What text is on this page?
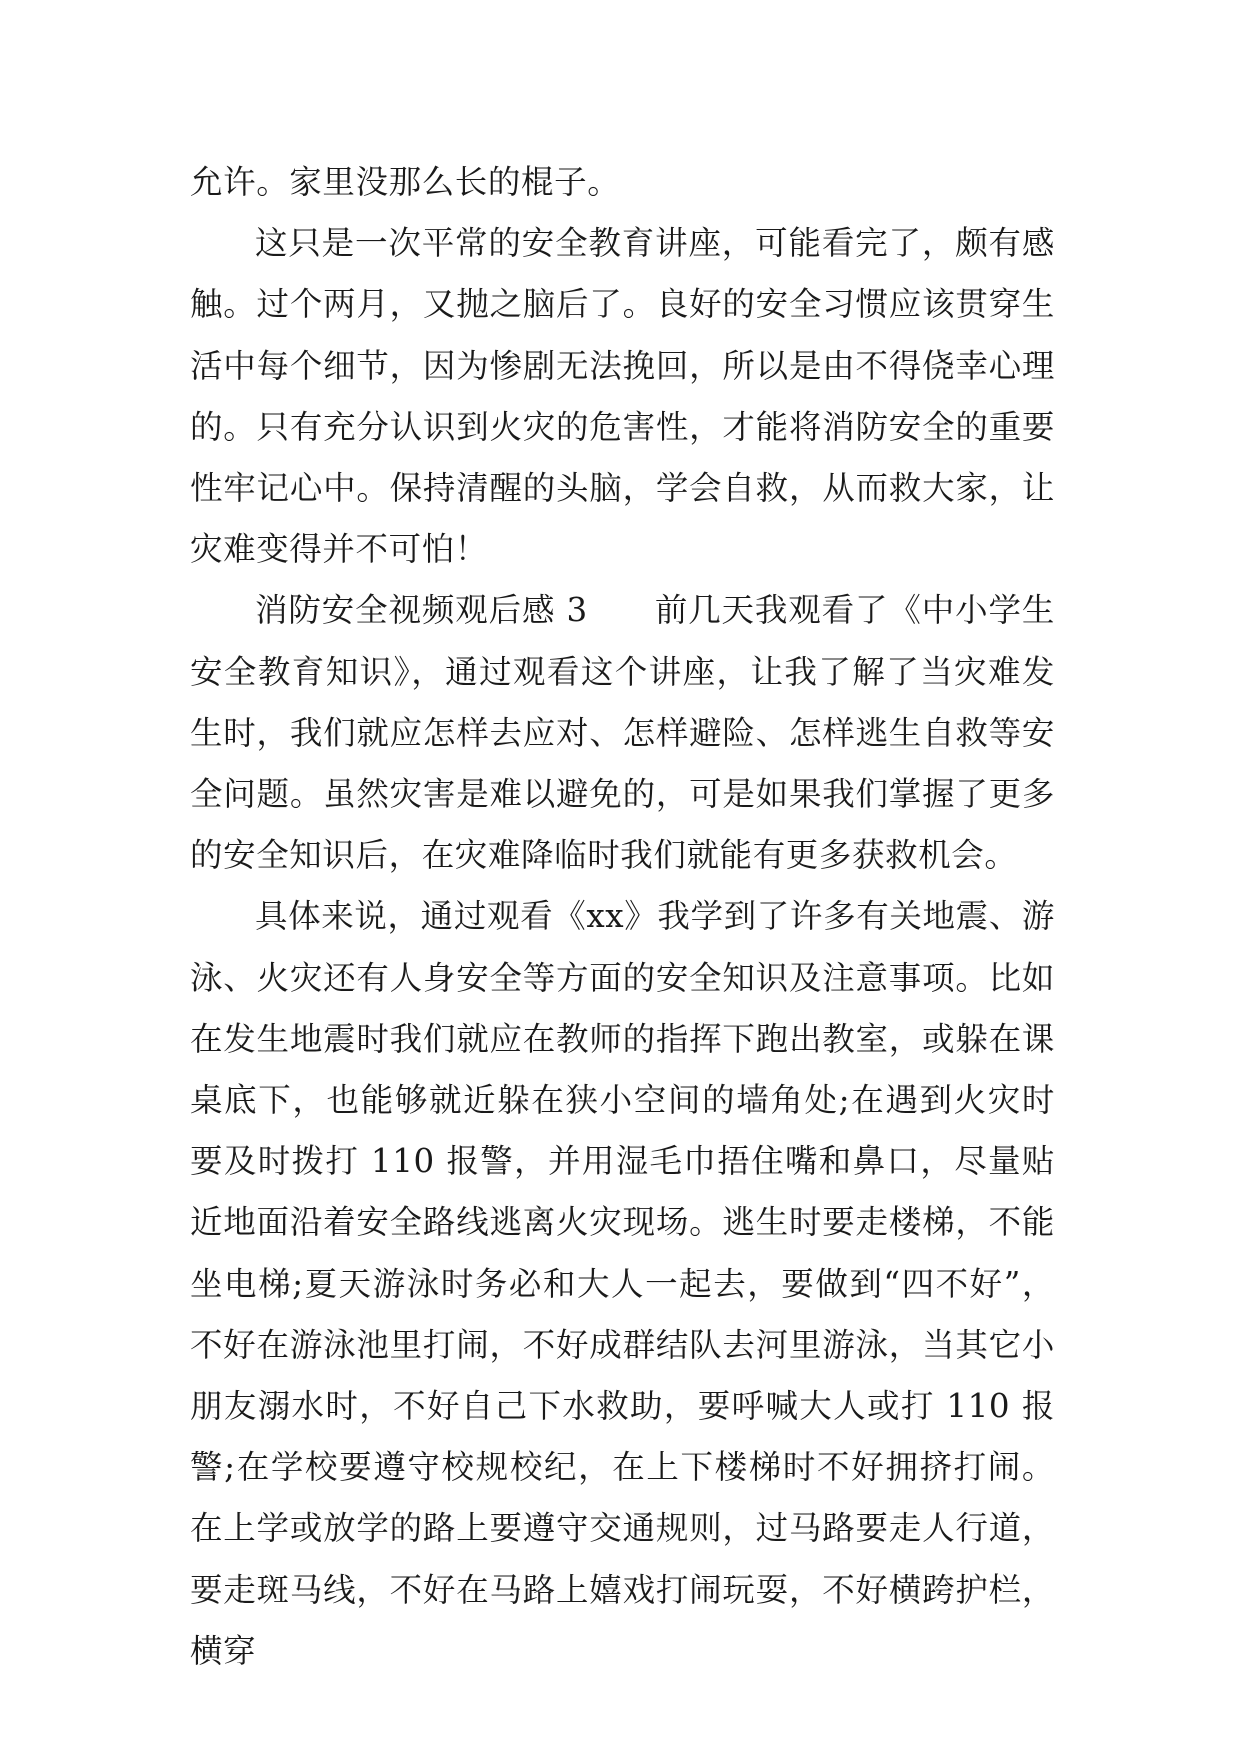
允许。家里没那么长的棍子。

这只是一次平常的安全教育讲座，可能看完了，颇有感触。过个两月，又抛之脑后了。良好的安全习惯应该贯穿生活中每个细节，因为惨剧无法挽回，所以是由不得侥幸心理的。只有充分认识到火灾的危害性，才能将消防安全的重要性牢记心中。保持清醒的头脑，学会自救，从而救大家，让灾难变得并不可怕！

消防安全视频观后感 3　　前几天我观看了《中小学生安全教育知识》，通过观看这个讲座，让我了解了当灾难发生时，我们就应怎样去应对、怎样避险、怎样逃生自救等安全问题。虽然灾害是难以避免的，可是如果我们掌握了更多的安全知识后，在灾难降临时我们就能有更多获救机会。

具体来说，通过观看《xx》我学到了许多有关地震、游泳、火灾还有人身安全等方面的安全知识及注意事项。比如在发生地震时我们就应在教师的指挥下跑出教室，或躲在课桌底下，也能够就近躲在狭小空间的墙角处;在遇到火灾时要及时拨打 110 报警，并用湿毛巾捂住嘴和鼻口，尽量贴近地面沿着安全路线逃离火灾现场。逃生时要走楼梯，不能坐电梯;夏天游泳时务必和大人一起去，要做到“四不好”，不好在游泳池里打闹，不好成群结队去河里游泳，当其它小朋友溺水时，不好自己下水救助，要呼喊大人或打 110 报警;在学校要遵守校规校纪，在上下楼梯时不好拥挤打闹。在上学或放学的路上要遵守交通规则，过马路要走人行道，要走斑马线，不好在马路上嬉戏打闹玩耍，不好横跨护栏，横穿
